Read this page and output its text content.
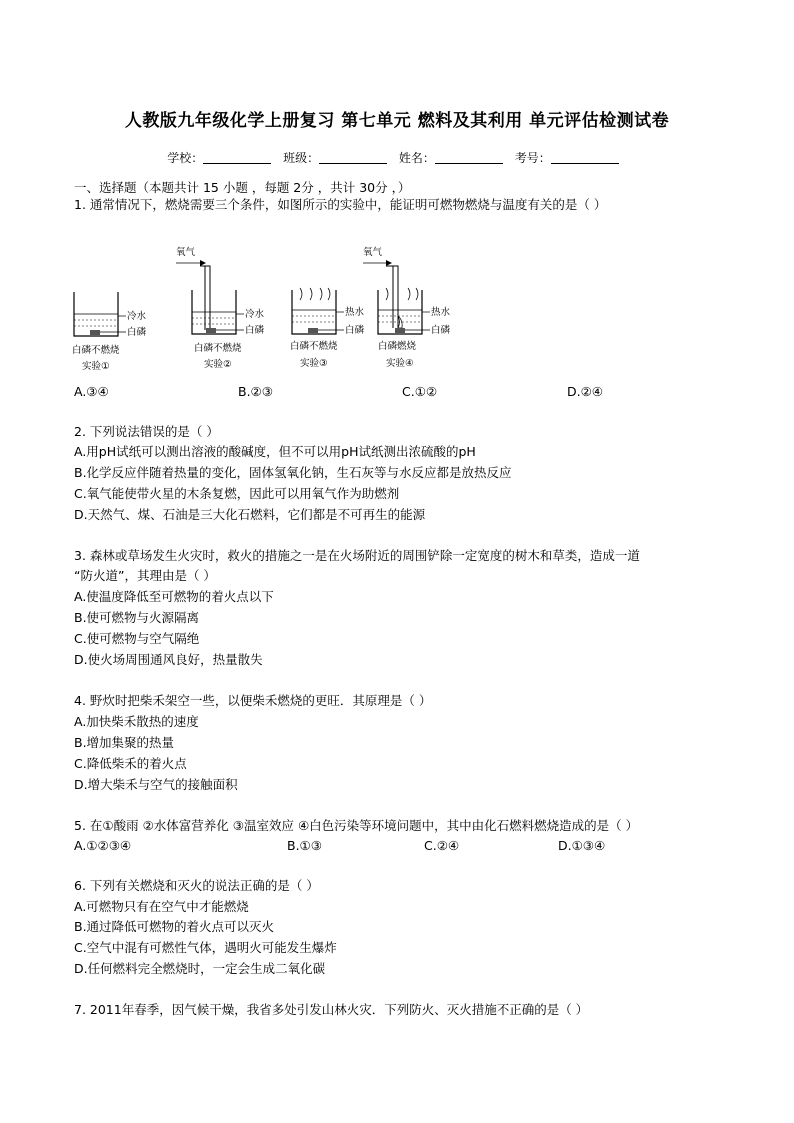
人教版九年级化学上册复习 第七单元 燃料及其利用 单元评估检测试卷
学校：	班级：	姓名：	考号：
一、选择题（本题共计 15 小题 ，每题 2分 ，共计 30分 ，）
1. 通常情况下，燃烧需要三个条件，如图所示的实验中，能证明可燃物燃烧与温度有关的是（ ）
冷水
白磷
白磷不燃烧
实验①
氧气
冷水
白磷
白磷不燃烧
实验②
热水
白磷
白磷不燃烧
实验③
氧气
热水
白磷
白磷燃烧
实验④
A.③④	B.②③	C.①②	D.②④
2. 下列说法错误的是（ ）
A.用pH试纸可以测出溶液的酸碱度，但不可以用pH试纸测出浓硫酸的pH
B.化学反应伴随着热量的变化，固体氢氧化钠，生石灰等与水反应都是放热反应
C.氧气能使带火星的木条复燃，因此可以用氧气作为助燃剂
D.天然气、煤、石油是三大化石燃料，它们都是不可再生的能源
3. 森林或草场发生火灾时，救火的措施之一是在火场附近的周围铲除一定宽度的树木和草类，造成一道
“防火道”，其理由是（ ）
A.使温度降低至可燃物的着火点以下
B.使可燃物与火源隔离
C.使可燃物与空气隔绝
D.使火场周围通风良好，热量散失
4. 野炊时把柴禾架空一些，以便柴禾燃烧的更旺．其原理是（ ）
A.加快柴禾散热的速度
B.增加集聚的热量
C.降低柴禾的着火点
D.增大柴禾与空气的接触面积
5. 在①酸雨 ②水体富营养化 ③温室效应 ④白色污染等环境问题中，其中由化石燃料燃烧造成的是（ ）
A.①②③④	B.①③	C.②④	D.①③④
6. 下列有关燃烧和灭火的说法正确的是（ ）
A.可燃物只有在空气中才能燃烧
B.通过降低可燃物的着火点可以灭火
C.空气中混有可燃性气体，遇明火可能发生爆炸
D.任何燃料完全燃烧时，一定会生成二氧化碳
7. 2011年春季，因气候干燥，我省多处引发山林火灾．下列防火、灭火措施不正确的是（ ）
